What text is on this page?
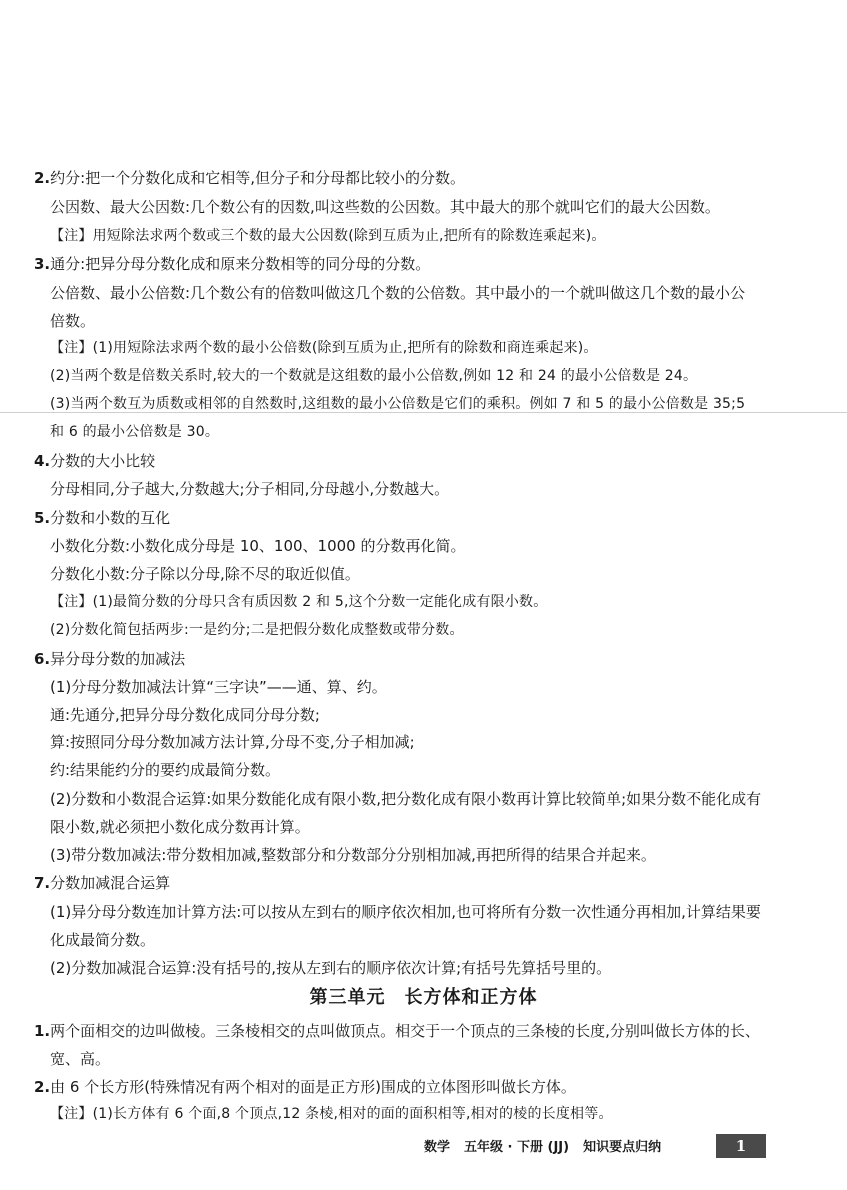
2.约分:把一个分数化成和它相等,但分子和分母都比较小的分数。
公因数、最大公因数:几个数公有的因数,叫这些数的公因数。其中最大的那个就叫它们的最大公因数。
【注】用短除法求两个数或三个数的最大公因数(除到互质为止,把所有的除数连乘起来)。
3.通分:把异分母分数化成和原来分数相等的同分母的分数。
公倍数、最小公倍数:几个数公有的倍数叫做这几个数的公倍数。其中最小的一个就叫做这几个数的最小公
倍数。
【注】(1)用短除法求两个数的最小公倍数(除到互质为止,把所有的除数和商连乘起来)。
(2)当两个数是倍数关系时,较大的一个数就是这组数的最小公倍数,例如 12 和 24 的最小公倍数是 24。
(3)当两个数互为质数或相邻的自然数时,这组数的最小公倍数是它们的乘积。例如 7 和 5 的最小公倍数是 35;5
和 6 的最小公倍数是 30。
4.分数的大小比较
分母相同,分子越大,分数越大;分子相同,分母越小,分数越大。
5.分数和小数的互化
小数化分数:小数化成分母是 10、100、1000 的分数再化简。
分数化小数:分子除以分母,除不尽的取近似值。
【注】(1)最简分数的分母只含有质因数 2 和 5,这个分数一定能化成有限小数。
(2)分数化简包括两步:一是约分;二是把假分数化成整数或带分数。
6.异分母分数的加减法
(1)分母分数加减法计算“三字诀”——通、算、约。
通:先通分,把异分母分数化成同分母分数;
算:按照同分母分数加减方法计算,分母不变,分子相加减;
约:结果能约分的要约成最简分数。
(2)分数和小数混合运算:如果分数能化成有限小数,把分数化成有限小数再计算比较简单;如果分数不能化成有
限小数,就必须把小数化成分数再计算。
(3)带分数加减法:带分数相加减,整数部分和分数部分分别相加减,再把所得的结果合并起来。
7.分数加减混合运算
(1)异分母分数连加计算方法:可以按从左到右的顺序依次相加,也可将所有分数一次性通分再相加,计算结果要
化成最简分数。
(2)分数加减混合运算:没有括号的,按从左到右的顺序依次计算;有括号先算括号里的。
第三单元　长方体和正方体
1.两个面相交的边叫做棱。三条棱相交的点叫做顶点。相交于一个顶点的三条棱的长度,分别叫做长方体的长、
宽、高。
2.由 6 个长方形(特殊情况有两个相对的面是正方形)围成的立体图形叫做长方体。
【注】(1)长方体有 6 个面,8 个顶点,12 条棱,相对的面的面积相等,相对的棱的长度相等。
数学 五年级 · 下册 (JJ) 知识要点归纳	1
